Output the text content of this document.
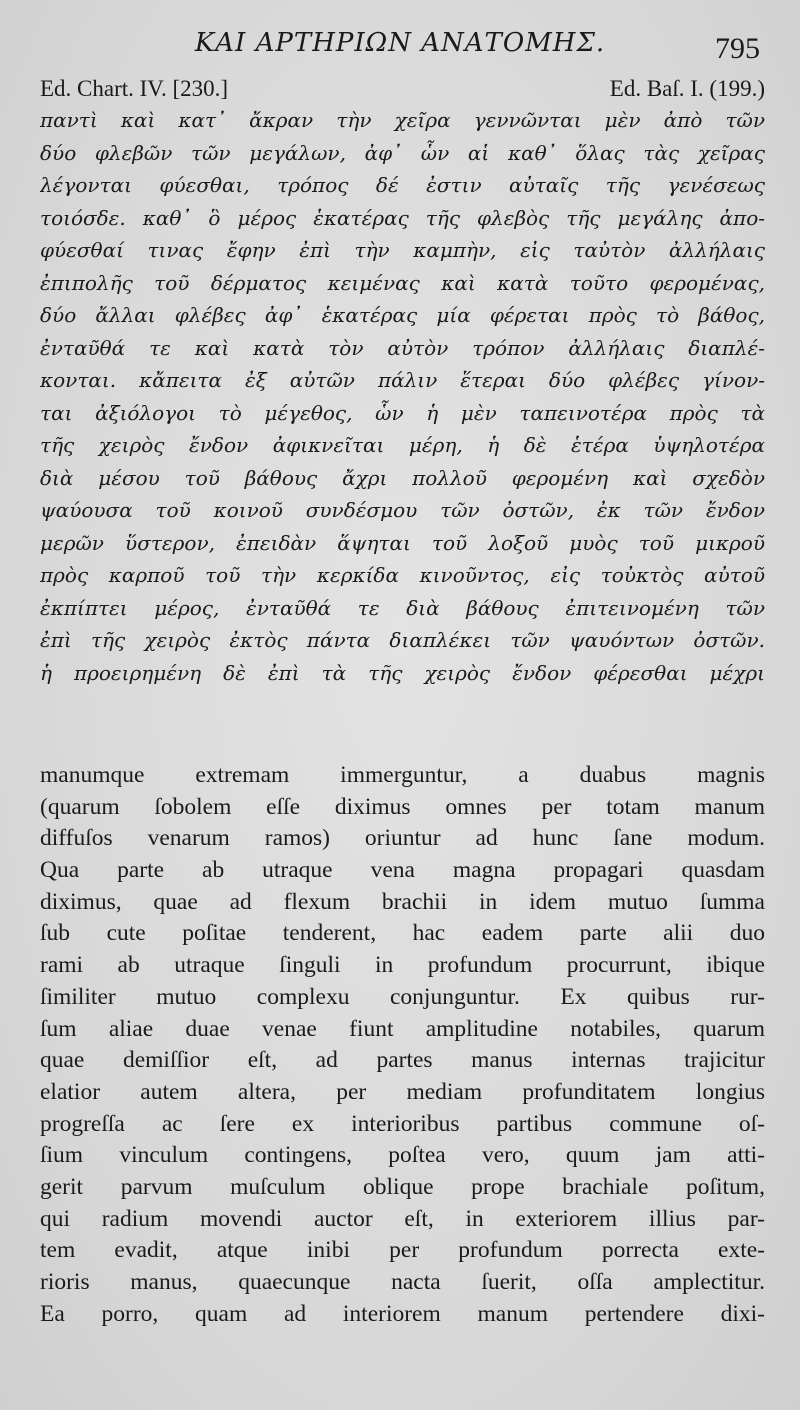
ΚΑΙ ΑΡΤΗΡΙΩΝ ΑΝΑΤΟΜΗΣ.	795
Ed. Chart. IV. [230.]	Ed. Baſ. I. (199.)
παντὶ καὶ κατ᾽ ἄκραν τὴν χεῖρα γεννῶνται μὲν ἀπὸ τῶν
δύο φλεβῶν τῶν μεγάλων, ἀφ᾽ ὧν αἱ καθ᾽ ὅλας τὰς χεῖρας
λέγονται φύεσθαι, τρόπος δέ ἐστιν αὐταῖς τῆς γενέσεως
τοιόσδε. καθ᾽ ὃ μέρος ἑκατέρας τῆς φλεβὸς τῆς μεγάλης ἀπο-
φύεσθαί τινας ἔφην ἐπὶ τὴν καμπὴν, εἰς ταὐτὸν ἀλλήλαις
ἐπιπολῆς τοῦ δέρματος κειμένας καὶ κατὰ τοῦτο φερομένας,
δύο ἄλλαι φλέβες ἀφ᾽ ἑκατέρας μία φέρεται πρὸς τὸ βάθος,
ἐνταῦθά τε καὶ κατὰ τὸν αὐτὸν τρόπον ἀλλήλαις διαπλέ-
κονται. κἄπειτα ἐξ αὐτῶν πάλιν ἕτεραι δύο φλέβες γίνον-
ται ἀξιόλογοι τὸ μέγεθος, ὧν ἡ μὲν ταπεινοτέρα πρὸς τὰ
τῆς χειρὸς ἔνδον ἀφικνεῖται μέρη, ἡ δὲ ἑτέρα ὑψηλοτέρα
διὰ μέσου τοῦ βάθους ἄχρι πολλοῦ φερομένη καὶ σχεδὸν
ψαύουσα τοῦ κοινοῦ συνδέσμου τῶν ὀστῶν, ἐκ τῶν ἔνδον
μερῶν ὕστερον, ἐπειδὰν ἅψηται τοῦ λοξοῦ μυὸς τοῦ μικροῦ
πρὸς καρποῦ τοῦ τὴν κερκίδα κινοῦντος, εἰς τοὐκτὸς αὐτοῦ
ἐκπίπτει μέρος, ἐνταῦθά τε διὰ βάθους ἐπιτεινομένη τῶν
ἐπὶ τῆς χειρὸς ἐκτὸς πάντα διαπλέκει τῶν ψαυόντων ὀστῶν.
ἡ προειρημένη δὲ ἐπὶ τὰ τῆς χειρὸς ἔνδον φέρεσθαι μέχρι
manumque extremam immerguntur, a duabus magnis
(quarum ſobolem eſſe diximus omnes per totam manum
diffuſos venarum ramos) oriuntur ad hunc ſane modum.
Qua parte ab utraque vena magna propagari quasdam
diximus, quae ad flexum brachii in idem mutuo ſumma
ſub cute poſitae tenderent, hac eadem parte alii duo
rami ab utraque ſinguli in profundum procurrunt, ibique
ſimiliter mutuo complexu conjunguntur. Ex quibus rur-
ſum aliae duae venae fiunt amplitudine notabiles, quarum
quae demiſſior eſt, ad partes manus internas trajicitur
elatior autem altera, per mediam profunditatem longius
progreſſa ac ſere ex interioribus partibus commune oſ-
ſium vinculum contingens, poſtea vero, quum jam atti-
gerit parvum muſculum oblique prope brachiale poſitum,
qui radium movendi auctor eſt, in exteriorem illius par-
tem evadit, atque inibi per profundum porrecta exte-
rioris manus, quaecunque nacta ſuerit, oſſa amplectitur.
Ea porro, quam ad interiorem manum pertendere dixi-
